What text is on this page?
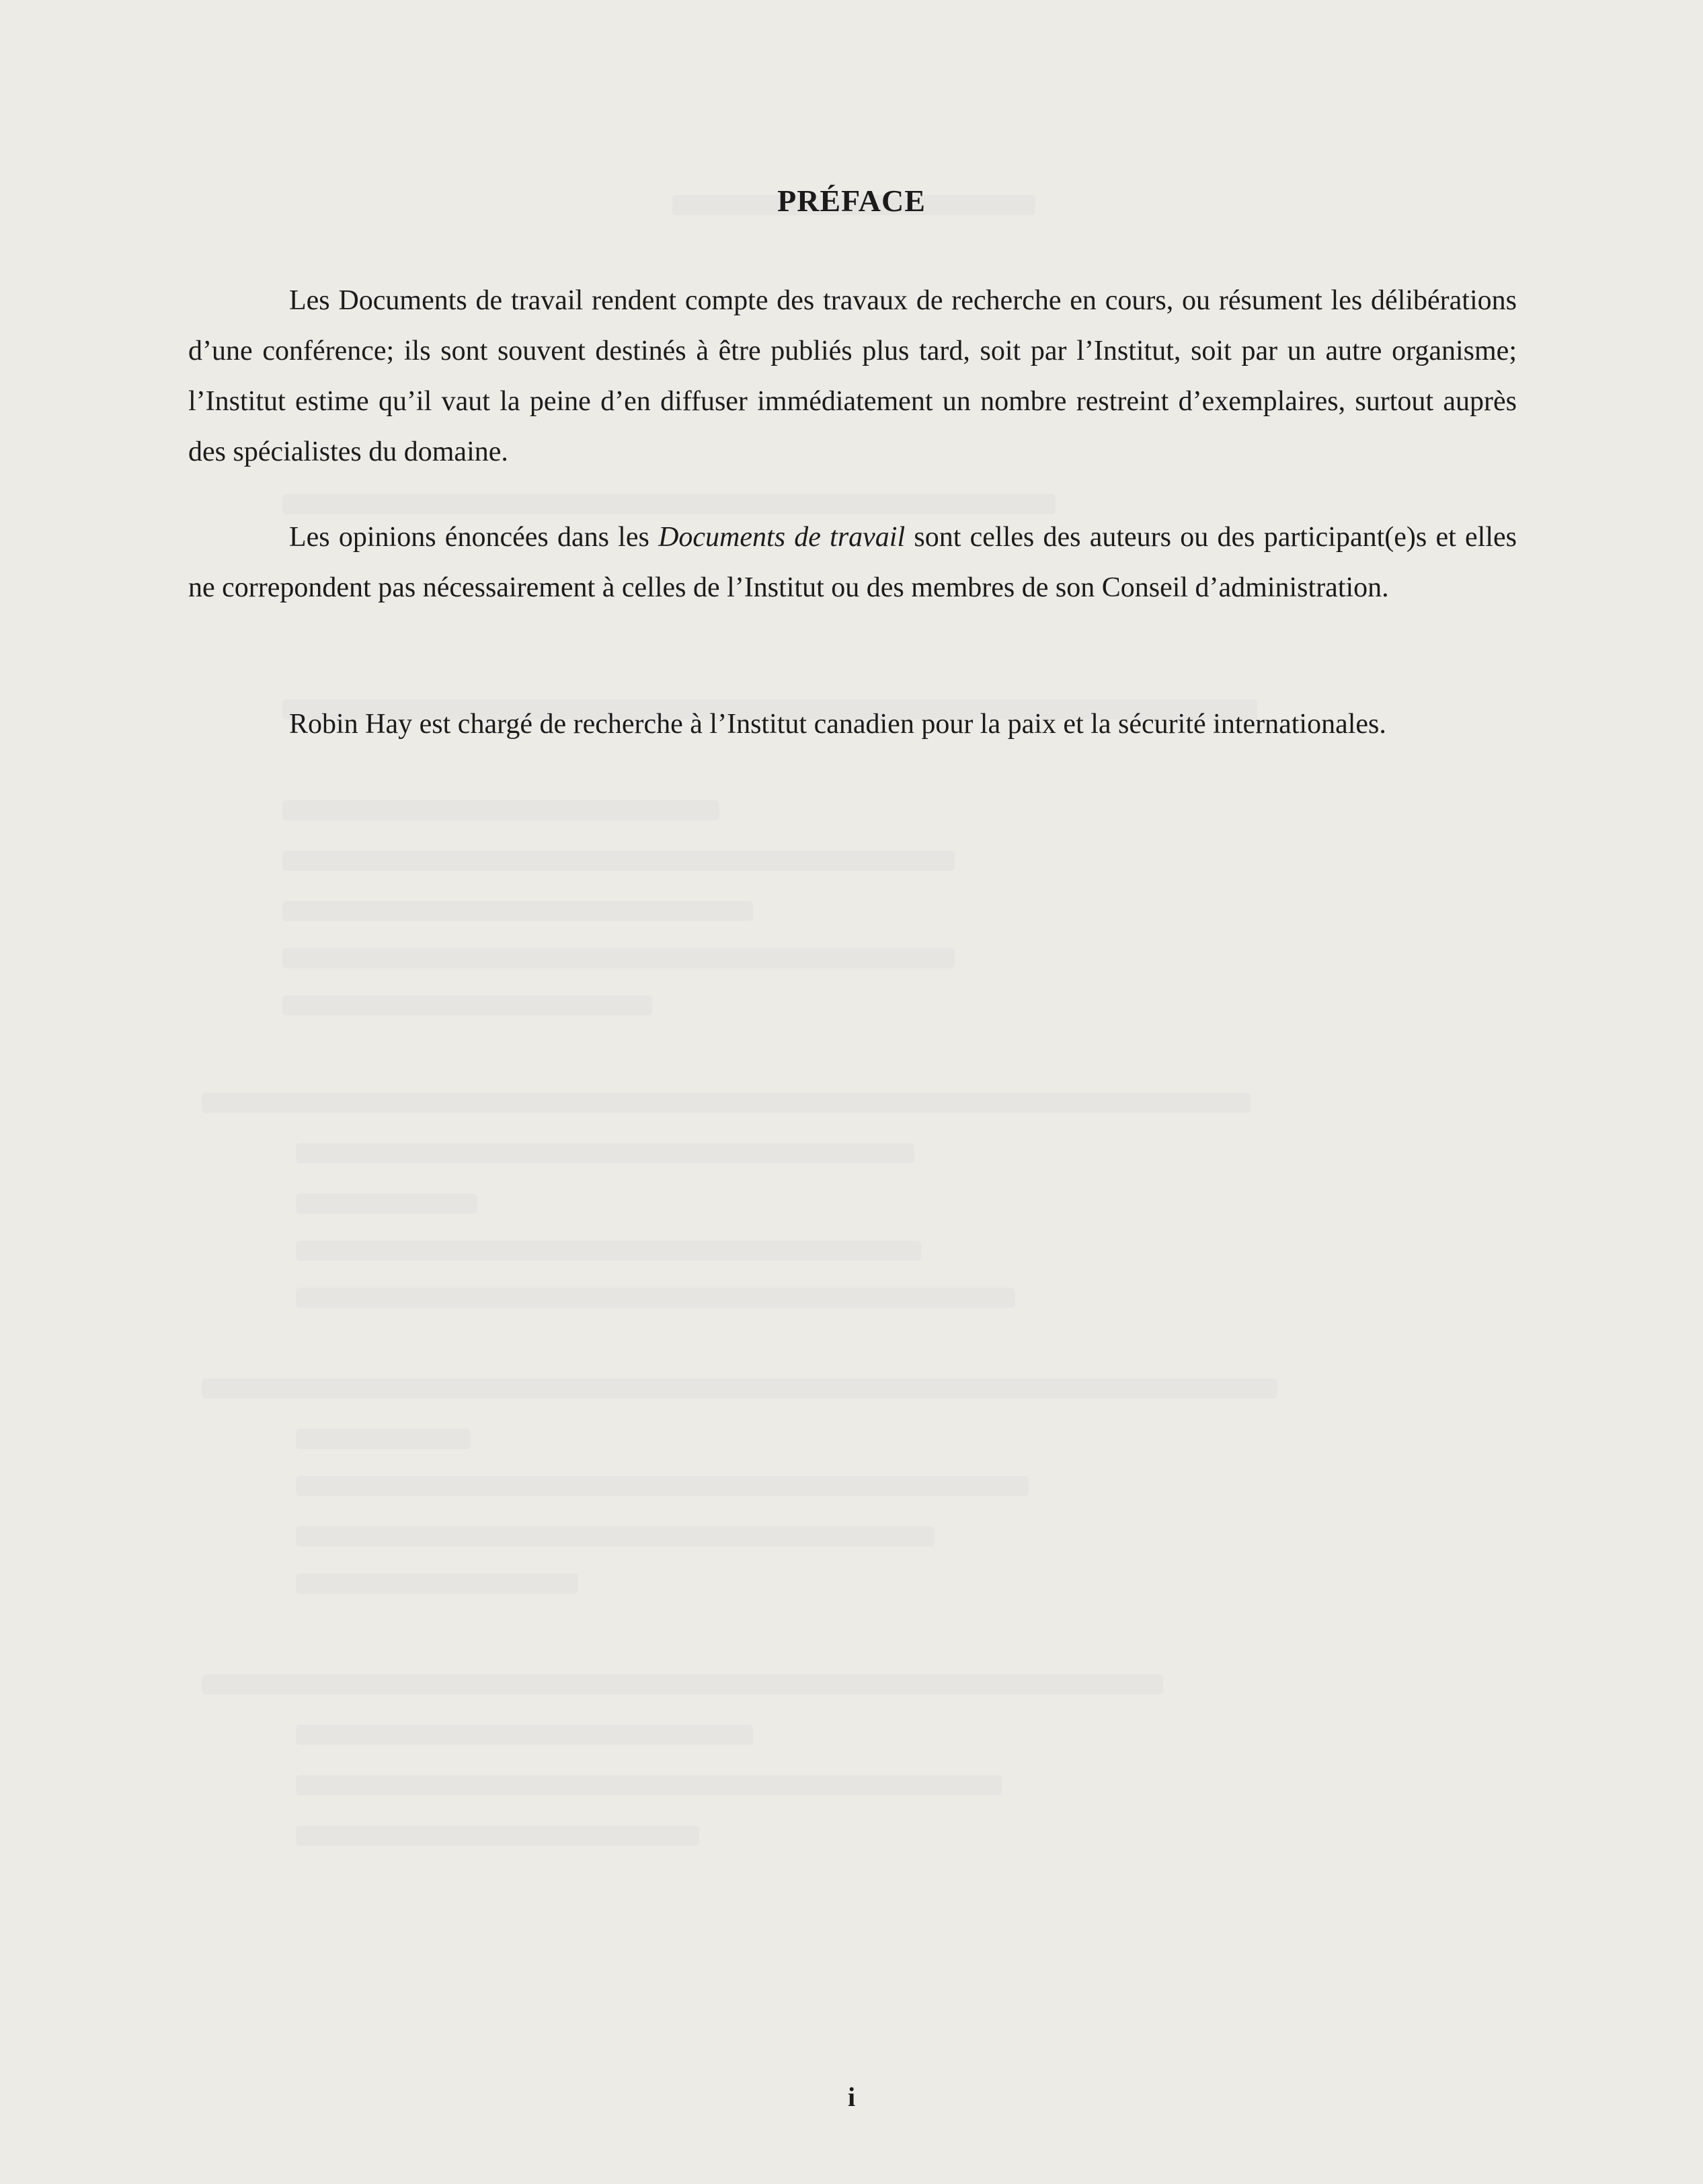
PRÉFACE

Les Documents de travail rendent compte des travaux de recherche en cours, ou résument les délibérations d’une conférence; ils sont souvent destinés à être publiés plus tard, soit par l’Institut, soit par un autre organisme; l’Institut estime qu’il vaut la peine d’en diffuser immédiatement un nombre restreint d’exemplaires, surtout auprès des spécialistes du domaine.

Les opinions énoncées dans les Documents de travail sont celles des auteurs ou des participant(e)s et elles ne correpondent pas nécessairement à celles de l’Institut ou des membres de son Conseil d’administration.

Robin Hay est chargé de recherche à l’Institut canadien pour la paix et la sécurité internationales.

i
